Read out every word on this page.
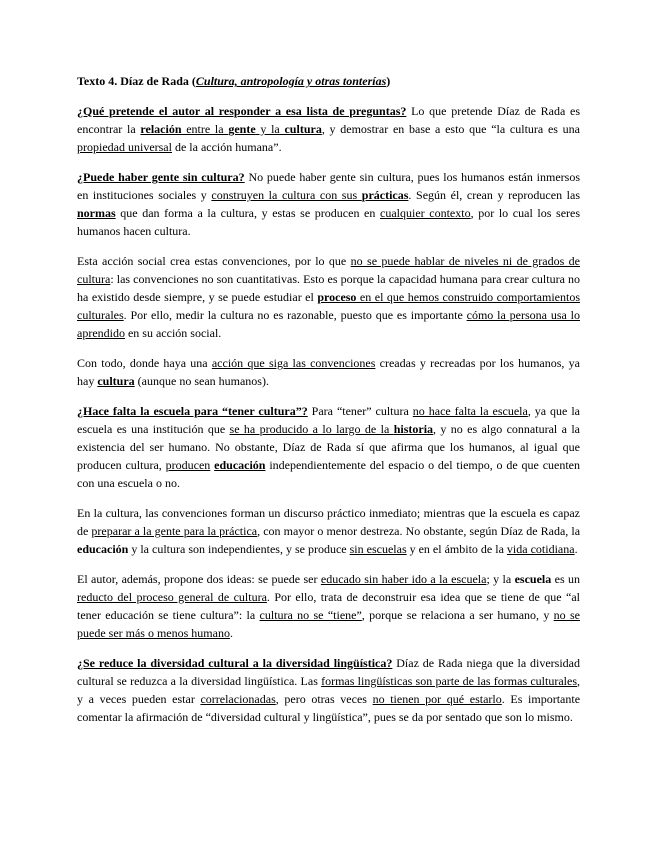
Texto 4. Díaz de Rada (Cultura, antropología y otras tonterías)

¿Qué pretende el autor al responder a esa lista de preguntas? Lo que pretende Díaz de Rada es encontrar la relación entre la gente y la cultura, y demostrar en base a esto que “la cultura es una propiedad universal de la acción humana”.

¿Puede haber gente sin cultura? No puede haber gente sin cultura, pues los humanos están inmersos en instituciones sociales y construyen la cultura con sus prácticas. Según él, crean y reproducen las normas que dan forma a la cultura, y estas se producen en cualquier contexto, por lo cual los seres humanos hacen cultura.

Esta acción social crea estas convenciones, por lo que no se puede hablar de niveles ni de grados de cultura: las convenciones no son cuantitativas. Esto es porque la capacidad humana para crear cultura no ha existido desde siempre, y se puede estudiar el proceso en el que hemos construido comportamientos culturales. Por ello, medir la cultura no es razonable, puesto que es importante cómo la persona usa lo aprendido en su acción social.

Con todo, donde haya una acción que siga las convenciones creadas y recreadas por los humanos, ya hay cultura (aunque no sean humanos).

¿Hace falta la escuela para “tener cultura”? Para “tener” cultura no hace falta la escuela, ya que la escuela es una institución que se ha producido a lo largo de la historia, y no es algo connatural a la existencia del ser humano. No obstante, Díaz de Rada sí que afirma que los humanos, al igual que producen cultura, producen educación independientemente del espacio o del tiempo, o de que cuenten con una escuela o no.

En la cultura, las convenciones forman un discurso práctico inmediato; mientras que la escuela es capaz de preparar a la gente para la práctica, con mayor o menor destreza. No obstante, según Díaz de Rada, la educación y la cultura son independientes, y se produce sin escuelas y en el ámbito de la vida cotidiana.

El autor, además, propone dos ideas: se puede ser educado sin haber ido a la escuela; y la escuela es un reducto del proceso general de cultura. Por ello, trata de deconstruir esa idea que se tiene de que “al tener educación se tiene cultura”: la cultura no se “tiene”, porque se relaciona a ser humano, y no se puede ser más o menos humano.

¿Se reduce la diversidad cultural a la diversidad lingüística? Díaz de Rada niega que la diversidad cultural se reduzca a la diversidad lingüística. Las formas lingüísticas son parte de las formas culturales, y a veces pueden estar correlacionadas, pero otras veces no tienen por qué estarlo. Es importante comentar la afirmación de “diversidad cultural y lingüística”, pues se da por sentado que son lo mismo.
